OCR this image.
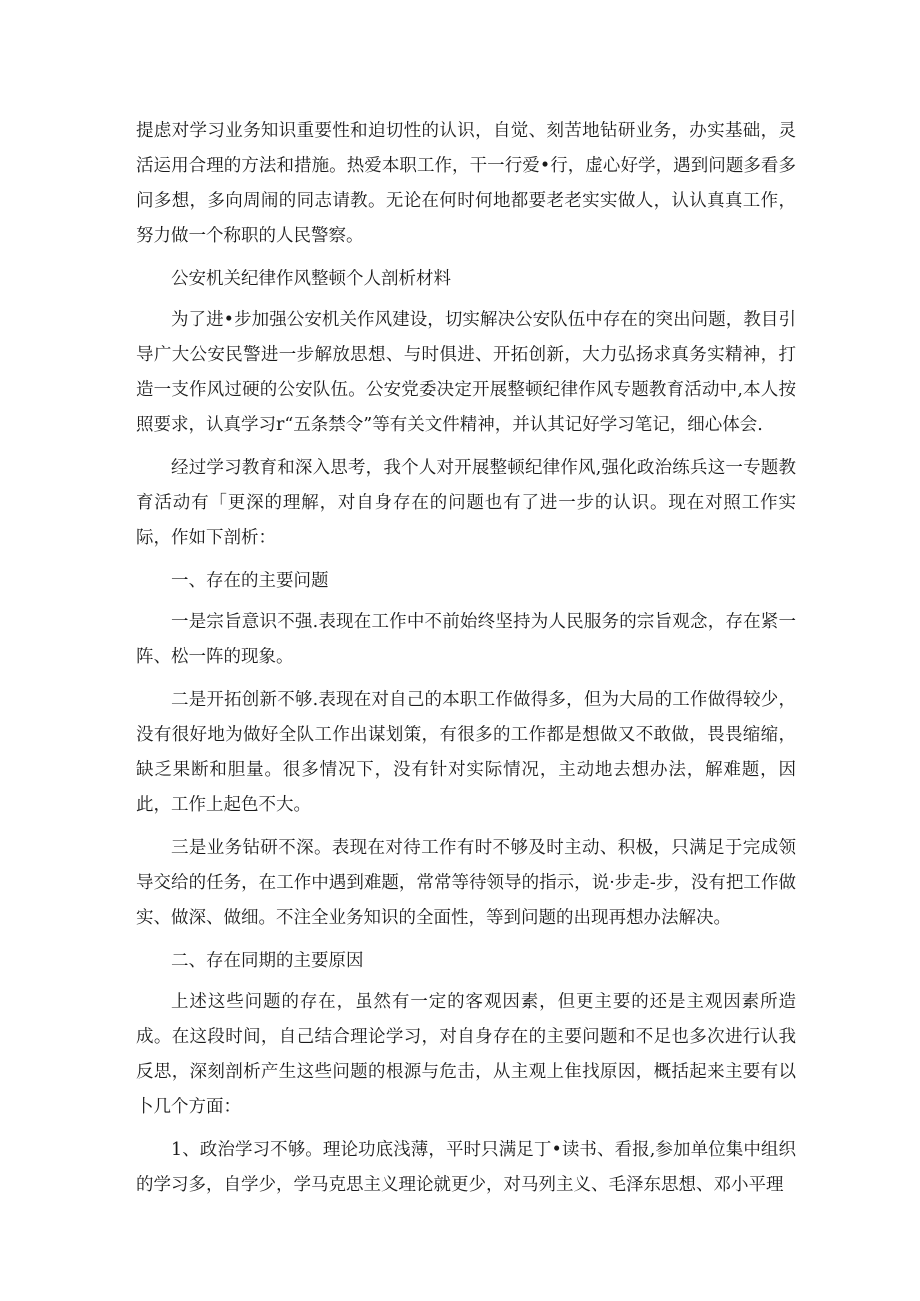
提虑对学习业务知识重要性和迫切性的认识，自觉、刻苦地钻研业务，办实基础，灵活运用合理的方法和措施。热爱本职工作，干一行爱•行，虚心好学，遇到问题多看多问多想，多向周闹的同志请教。无论在何时何地都要老老实实做人，认认真真工作，努力做一个称职的人民警察。

公安机关纪律作风整顿个人剖析材料

为了进•步加强公安机关作风建设，切实解决公安队伍中存在的突出问题，教目引导广大公安民警进一步解放思想、与时俱进、开拓创新，大力弘扬求真务实精神，打造一支作风过硬的公安队伍。公安党委决定开展整顿纪律作风专题教育活动中,本人按照要求，认真学习r“五条禁令”等有关文件精神，并认其记好学习笔记，细心体会.

经过学习教育和深入思考，我个人对开展整顿纪律作风,强化政治练兵这一专题教育活动有「更深的理解，对自身存在的问题也有了进一步的认识。现在对照工作实际，作如下剖析：

一、存在的主要问题

一是宗旨意识不强.表现在工作中不前始终坚持为人民服务的宗旨观念，存在紧一阵、松一阵的现象。

二是开拓创新不够.表现在对自己的本职工作做得多，但为大局的工作做得较少，没有很好地为做好全队工作出谋划策，有很多的工作都是想做又不敢做，畏畏缩缩，缺乏果断和胆量。很多情况下，没有针对实际情况，主动地去想办法，解难题，因此，工作上起色不大。

三是业务钻研不深。表现在对待工作有时不够及时主动、积极，只满足于完成领导交给的任务，在工作中遇到难题，常常等待领导的指示，说·步走-步，没有把工作做实、做深、做细。不注全业务知识的全面性，等到问题的出现再想办法解决。

二、存在同期的主要原因

上述这些问题的存在，虽然有一定的客观因素，但更主要的还是主观因素所造成。在这段时间，自己结合理论学习，对自身存在的主要问题和不足也多次进行认我反思，深刻剖析产生这些问题的根源与危击，从主观上隹找原因，概括起来主要有以卜几个方面：

1、政治学习不够。理论功底浅薄，平时只满足丁•读书、看报,参加单位集中组织的学习多，自学少，学马克思主义理论就更少，对马列主义、毛泽东思想、邓小平理
